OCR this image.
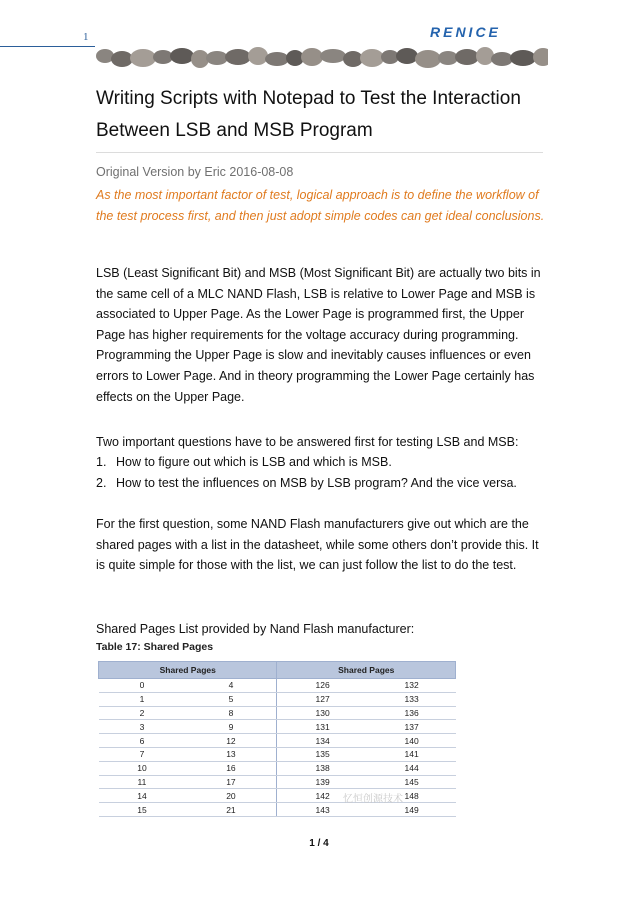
1	RENICE
Writing Scripts with Notepad to Test the Interaction Between LSB and MSB Program
Original Version by Eric 2016-08-08
As the most important factor of test, logical approach is to define the workflow of the test process first, and then just adopt simple codes can get ideal conclusions.
LSB (Least Significant Bit) and MSB (Most Significant Bit) are actually two bits in the same cell of a MLC NAND Flash, LSB is relative to Lower Page and MSB is associated to Upper Page. As the Lower Page is programmed first, the Upper Page has higher requirements for the voltage accuracy during programming. Programming the Upper Page is slow and inevitably causes influences or even errors to Lower Page. And in theory programming the Lower Page certainly has effects on the Upper Page.
Two important questions have to be answered first for testing LSB and MSB:
1. How to figure out which is LSB and which is MSB.
2. How to test the influences on MSB by LSB program? And the vice versa.
For the first question, some NAND Flash manufacturers give out which are the shared pages with a list in the datasheet, while some others don’t provide this. It is quite simple for those with the list, we can just follow the list to do the test.
Shared Pages List provided by Nand Flash manufacturer:
Table 17: Shared Pages
Shared Pages		Shared Pages	
0	4	126	132
1	5	127	133
2	8	130	136
3	9	131	137
6	12	134	140
7	13	135	141
10	16	138	144
11	17	139	145
14	20	142	148
15	21	143	149
忆恒创源技术
1 / 4
